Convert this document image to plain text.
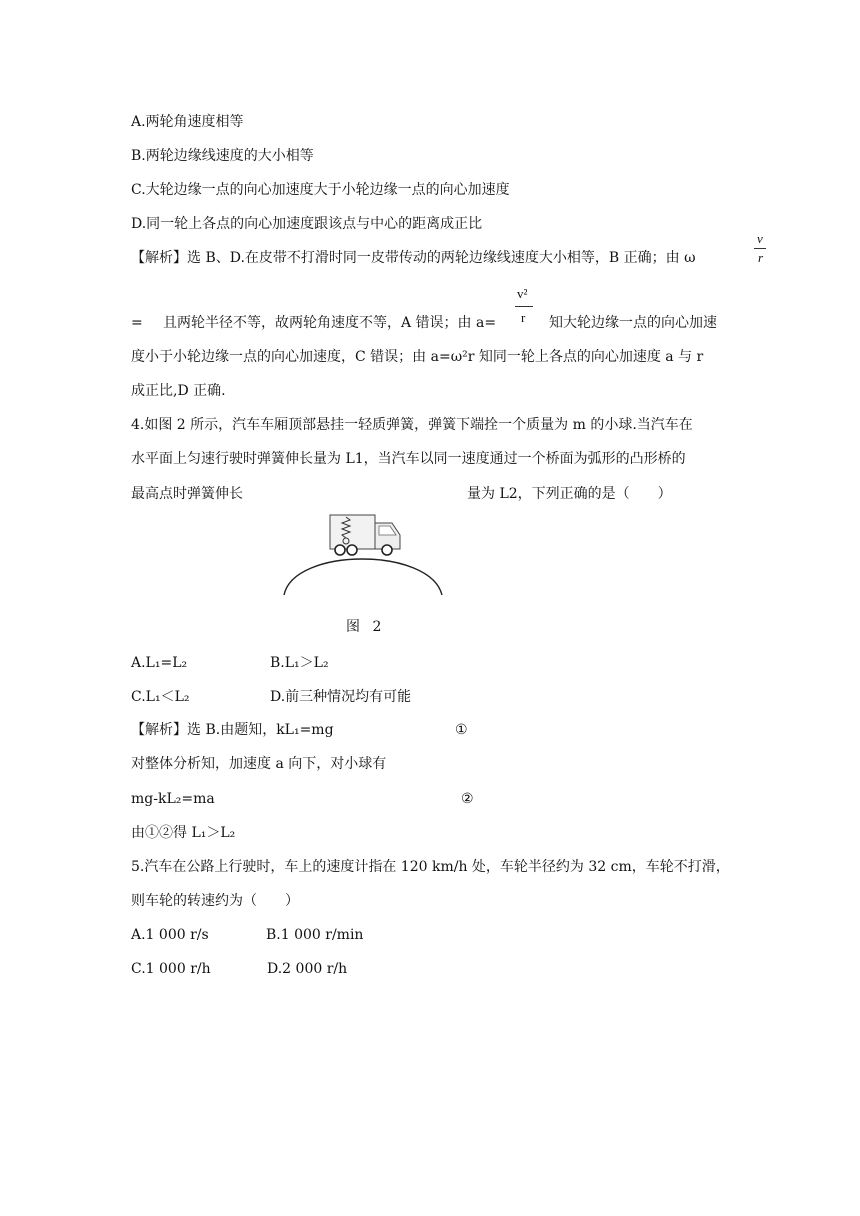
A.两轮角速度相等
B.两轮边缘线速度的大小相等
C.大轮边缘一点的向心加速度大于小轮边缘一点的向心加速度
D.同一轮上各点的向心加速度跟该点与中心的距离成正比
【解析】选 B、D.在皮带不打滑时同一皮带传动的两轮边缘线速度大小相等，B 正确；由 ω
v
r
= 且两轮半径不等，故两轮角速度不等，A 错误；由 a=
v²
r 知大轮边缘一点的向心加速
度小于小轮边缘一点的向心加速度，C 错误；由 a=ω²r 知同一轮上各点的向心加速度 a 与 r
成正比,D 正确.
4.如图 2 所示，汽车车厢顶部悬挂一轻质弹簧，弹簧下端拴一个质量为 m 的小球.当汽车在
水平面上匀速行驶时弹簧伸长量为 L1，当汽车以同一速度通过一个桥面为弧形的凸形桥的
最高点时弹簧伸长	量为 L2，下列正确的是（　　）
图 2
A.L₁=L₂	B.L₁＞L₂
C.L₁＜L₂	D.前三种情况均有可能
【解析】选 B.由题知，kL₁=mg	①
对整体分析知，加速度 a 向下，对小球有
mg-kL₂=ma	②
由①②得 L₁＞L₂
5.汽车在公路上行驶时，车上的速度计指在 120 km/h 处，车轮半径约为 32 cm，车轮不打滑，
则车轮的转速约为（　　）
A.1 000 r/s	B.1 000 r/min
C.1 000 r/h	D.2 000 r/h
